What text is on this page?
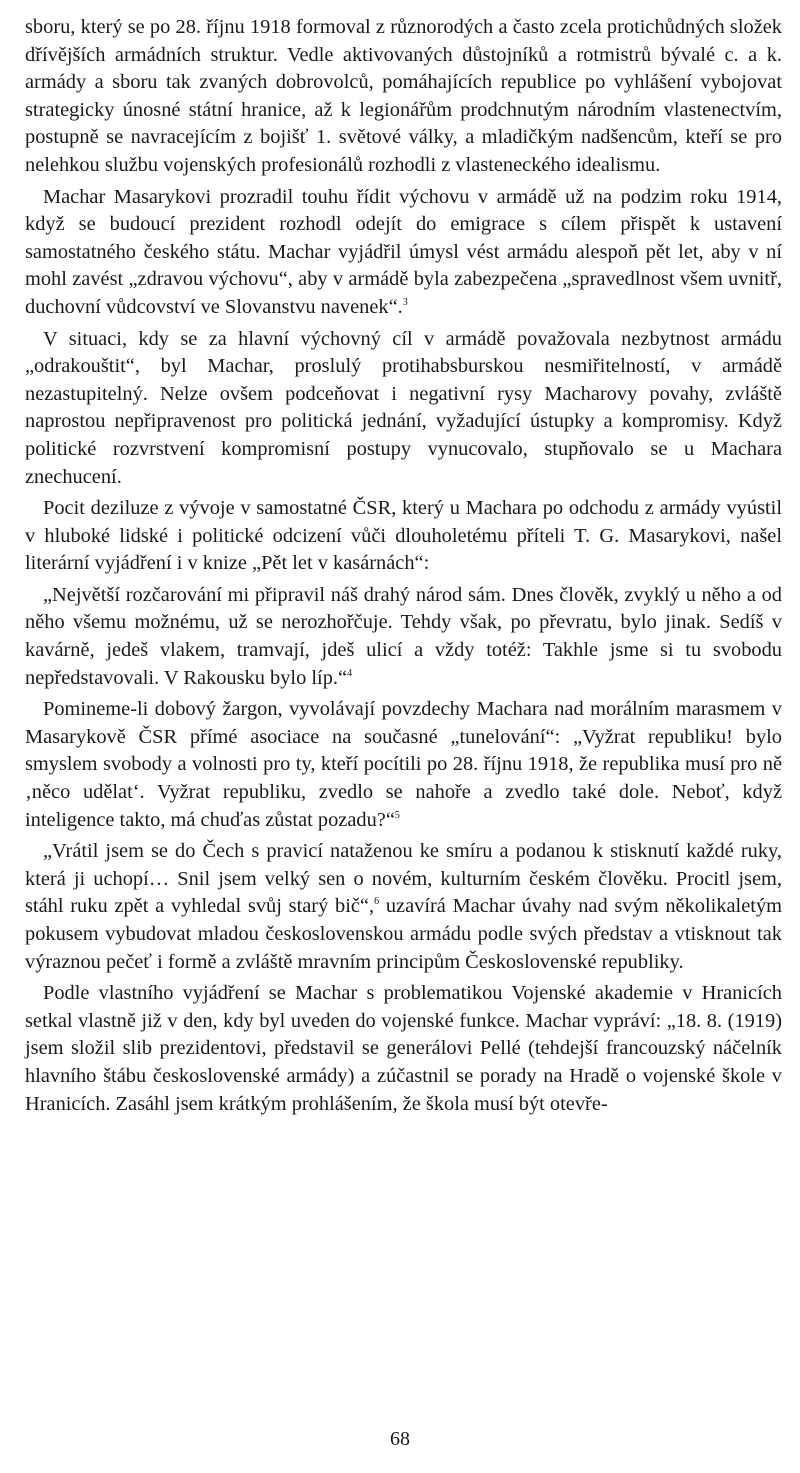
sboru, který se po 28. říjnu 1918 formoval z různorodých a často zcela protichůdných složek dřívějších armádních struktur. Vedle aktivovaných důstojníků a rotmistrů bývalé c. a k. armády a sboru tak zvaných dobrovolců, pomáhajících republice po vyhlášení vybojovat strategicky únosné státní hranice, až k legionářům prodchnutým národním vlastenectvím, postupně se navracejícím z bojišť 1. světové války, a mladičkým nadšencům, kteří se pro nelehkou službu vojenských profesionálů rozhodli z vlasteneckého idealismu.

Machar Masarykovi prozradil touhu řídit výchovu v armádě už na podzim roku 1914, když se budoucí prezident rozhodl odejít do emigrace s cílem přispět k ustavení samostatného českého státu. Machar vyjádřil úmysl vést armádu alespoň pět let, aby v ní mohl zavést „zdravou výchovu“, aby v armádě byla zabezpečena „spravedlnost všem uvnitř, duchovní vůdcovství ve Slovanstvu navenek“.$^3$

V situaci, kdy se za hlavní výchovný cíl v armádě považovala nezbytnost armádu „odrakouštit“, byl Machar, proslulý protihabsburskou nesmiřitelností, v armádě nezastupitelný. Nelze ovšem podceňovat i negativní rysy Macharovy povahy, zvláště naprostou nepřipravenost pro politická jednání, vyžadující ústupky a kompromisy. Když politické rozvrstvení kompromisní postupy vynucovalo, stupňovalo se u Machara znechucení.

Pocit deziluze z vývoje v samostatné ČSR, který u Machara po odchodu z armády vyústil v hluboké lidské i politické odcizení vůči dlouholetému příteli T. G. Masarykovi, našel literární vyjádření i v knize „Pět let v kasárnách“:

„Největší rozčarování mi připravil náš drahý národ sám. Dnes člověk, zvyklý u něho a od něho všemu možnému, už se nerozhořčuje. Tehdy však, po převratu, bylo jinak. Sedíš v kavárně, jedeš vlakem, tramvají, jdeš ulicí a vždy totéž: Takhle jsme si tu svobodu nepředstavovali. V Rakousku bylo líp.“$^4$

Pomineme-li dobový žargon, vyvolávají povzdechy Machara nad morálním marasmem v Masarykově ČSR přímé asociace na současné „tunelování“: „Vyžrat republiku! bylo smyslem svobody a volnosti pro ty, kteří pocítili po 28. říjnu 1918, že republika musí pro ně ‚něco udělat‘. Vyžrat republiku, zvedlo se nahoře a zvedlo také dole. Neboť, když inteligence takto, má chuďas zůstat pozadu?“$^5$

„Vrátil jsem se do Čech s pravicí nataženou ke smíru a podanou k stisknutí každé ruky, která ji uchopí… Snil jsem velký sen o novém, kulturním českém člověku. Procitl jsem, stáhl ruku zpět a vyhledal svůj starý bič“,$^6$ uzavírá Machar úvahy nad svým několikaletým pokusem vybudovat mladou československou armádu podle svých představ a vtisknout tak výraznou pečeť i formě a zvláště mravním principům Československé republiky.

Podle vlastního vyjádření se Machar s problematikou Vojenské akademie v Hranicích setkal vlastně již v den, kdy byl uveden do vojenské funkce. Machar vypráví: „18. 8. (1919) jsem složil slib prezidentovi, představil se generálovi Pellé (tehdejší francouzský náčelník hlavního štábu československé armády) a zúčastnil se porady na Hradě o vojenské škole v Hranicích. Zasáhl jsem krátkým prohlášením, že škola musí být otevře-

68
